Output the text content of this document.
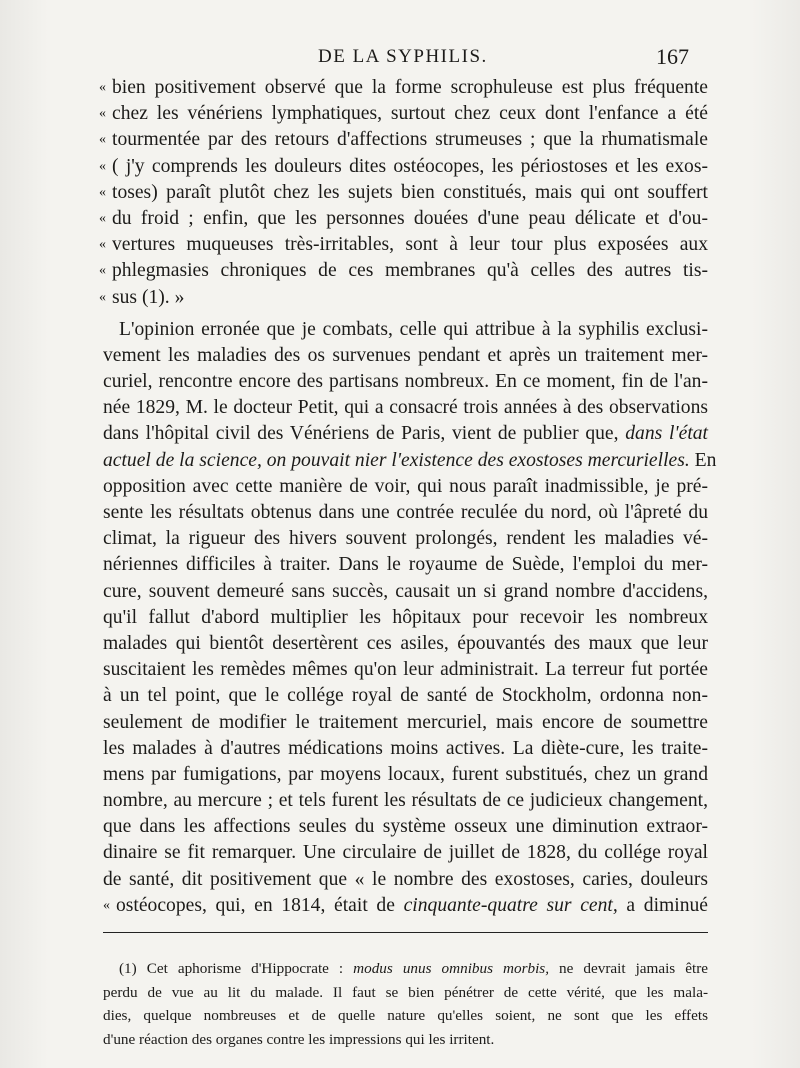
DE LA SYPHILIS.	167
« bien positivement observé que la forme scrophuleuse est plus fréquente
« chez les vénériens lymphatiques, surtout chez ceux dont l'enfance a été
« tourmentée par des retours d'affections strumeuses ; que la rhumatismale
« ( j'y comprends les douleurs dites ostéocopes, les périostoses et les exos-
« toses) paraît plutôt chez les sujets bien constitués, mais qui ont souffert
« du froid ; enfin, que les personnes douées d'une peau délicate et d'ou-
« vertures muqueuses très-irritables, sont à leur tour plus exposées aux
« phlegmasies chroniques de ces membranes qu'à celles des autres tis-
« sus (1). »
L'opinion erronée que je combats, celle qui attribue à la syphilis exclusi-
vement les maladies des os survenues pendant et après un traitement mer-
curiel, rencontre encore des partisans nombreux. En ce moment, fin de l'an-
née 1829, M. le docteur Petit, qui a consacré trois années à des observations
dans l'hôpital civil des Vénériens de Paris, vient de publier que, dans l'état
actuel de la science, on pouvait nier l'existence des exostoses mercurielles. En
opposition avec cette manière de voir, qui nous paraît inadmissible, je pré-
sente les résultats obtenus dans une contrée reculée du nord, où l'âpreté du
climat, la rigueur des hivers souvent prolongés, rendent les maladies vé-
nériennes difficiles à traiter. Dans le royaume de Suède, l'emploi du mer-
cure, souvent demeuré sans succès, causait un si grand nombre d'accidens,
qu'il fallut d'abord multiplier les hôpitaux pour recevoir les nombreux
malades qui bientôt desertèrent ces asiles, épouvantés des maux que leur
suscitaient les remèdes mêmes qu'on leur administrait. La terreur fut portée
à un tel point, que le collége royal de santé de Stockholm, ordonna non-
seulement de modifier le traitement mercuriel, mais encore de soumettre
les malades à d'autres médications moins actives. La diète-cure, les traite-
mens par fumigations, par moyens locaux, furent substitués, chez un grand
nombre, au mercure ; et tels furent les résultats de ce judicieux changement,
que dans les affections seules du système osseux une diminution extraor-
dinaire se fit remarquer. Une circulaire de juillet de 1828, du collége royal
de santé, dit positivement que « le nombre des exostoses, caries, douleurs
« ostéocopes, qui, en 1814, était de cinquante-quatre sur cent, a diminué
(1) Cet aphorisme d'Hippocrate : modus unus omnibus morbis, ne devrait jamais être
perdu de vue au lit du malade. Il faut se bien pénétrer de cette vérité, que les mala-
dies, quelque nombreuses et de quelle nature qu'elles soient, ne sont que les effets
d'une réaction des organes contre les impressions qui les irritent.
